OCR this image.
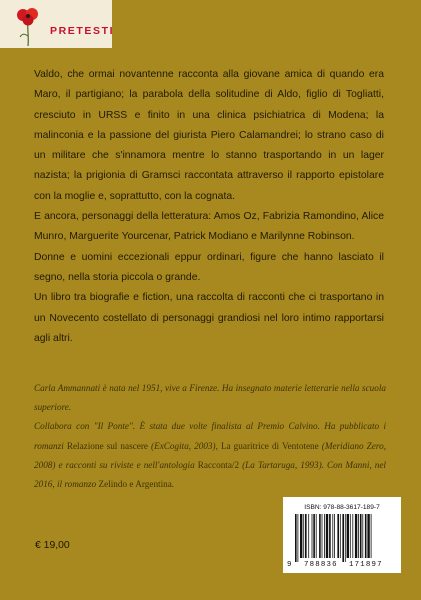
PRETESTI

Valdo, che ormai novantenne racconta alla giovane amica di quando era Maro, il partigiano; la parabola della solitudine di Aldo, figlio di Togliatti, cresciuto in URSS e finito in una clinica psichiatrica di Modena; la malinconia e la passione del giurista Piero Calamandrei; lo strano caso di un militare che s'innamora mentre lo stanno trasportando in un lager nazista; la prigionia di Gramsci raccontata attraverso il rapporto epistolare con la moglie e, soprattutto, con la cognata.

E ancora, personaggi della letteratura: Amos Oz, Fabrizia Ramondino, Alice Munro, Marguerite Yourcenar, Patrick Modiano e Marilynne Robinson.

Donne e uomini eccezionali eppur ordinari, figure che hanno lasciato il segno, nella storia piccola o grande.

Un libro tra biografie e fiction, una raccolta di racconti che ci trasportano in un Novecento costellato di personaggi grandiosi nel loro intimo rapportarsi agli altri.

Carla Ammannati è nata nel 1951, vive a Firenze. Ha insegnato materie letterarie nella scuola superiore.

Collabora con "Il Ponte". È stata due volte finalista al Premio Calvino. Ha pubblicato i romanzi Relazione sul nascere (ExCogita, 2003), La guaritrice di Ventotene (Meridiano Zero, 2008) e racconti su riviste e nell'antologia Racconta/2 (La Tartaruga, 1993). Con Manni, nel 2016, il romanzo Zelindo e Argentina.

€ 19,00
ISBN: 978-88-3617-189-7
9 788836 171897
